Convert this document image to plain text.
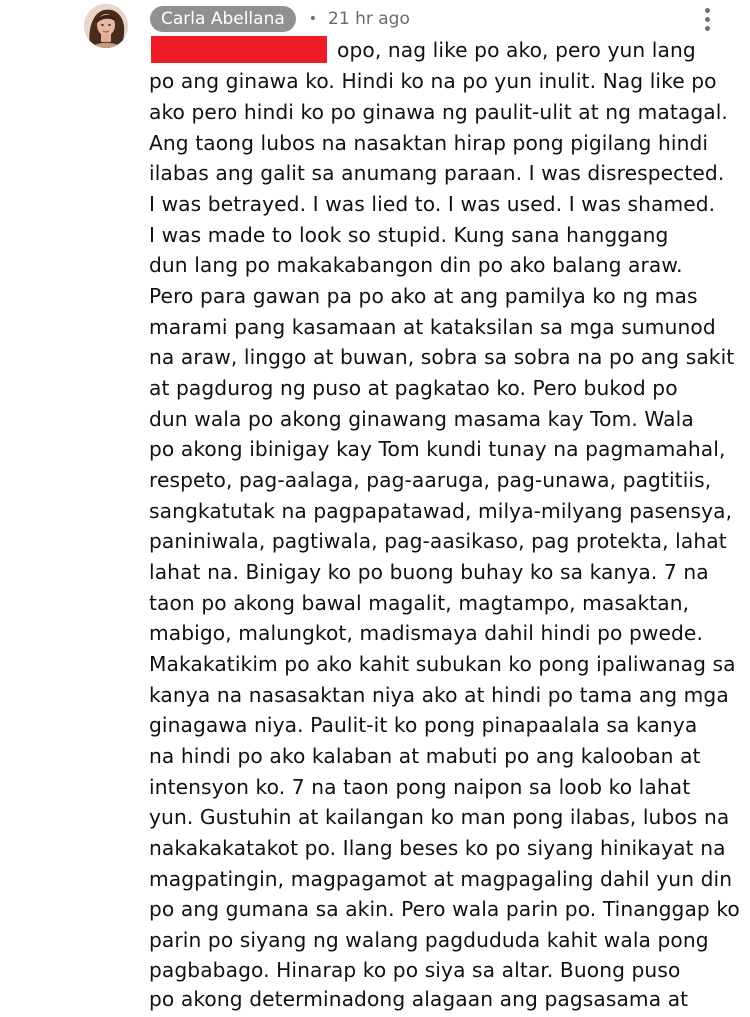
Carla Abellana	• 21 hr ago
opo, nag like po ako, pero yun lang
po ang ginawa ko. Hindi ko na po yun inulit. Nag like po
ako pero hindi ko po ginawa ng paulit-ulit at ng matagal.
Ang taong lubos na nasaktan hirap pong pigilang hindi
ilabas ang galit sa anumang paraan. I was disrespected.
I was betrayed. I was lied to. I was used. I was shamed.
I was made to look so stupid. Kung sana hanggang
dun lang po makakabangon din po ako balang araw.
Pero para gawan pa po ako at ang pamilya ko ng mas
marami pang kasamaan at kataksilan sa mga sumunod
na araw, linggo at buwan, sobra sa sobra na po ang sakit
at pagdurog ng puso at pagkatao ko. Pero bukod po
dun wala po akong ginawang masama kay Tom. Wala
po akong ibinigay kay Tom kundi tunay na pagmamahal,
respeto, pag-aalaga, pag-aaruga, pag-unawa, pagtitiis,
sangkatutak na pagpapatawad, milya-milyang pasensya,
paniniwala, pagtiwala, pag-aasikaso, pag protekta, lahat
lahat na. Binigay ko po buong buhay ko sa kanya. 7 na
taon po akong bawal magalit, magtampo, masaktan,
mabigo, malungkot, madismaya dahil hindi po pwede.
Makakatikim po ako kahit subukan ko pong ipaliwanag sa
kanya na nasasaktan niya ako at hindi po tama ang mga
ginagawa niya. Paulit-it ko pong pinapaalala sa kanya
na hindi po ako kalaban at mabuti po ang kalooban at
intensyon ko. 7 na taon pong naipon sa loob ko lahat
yun. Gustuhin at kailangan ko man pong ilabas, lubos na
nakakakatakot po. Ilang beses ko po siyang hinikayat na
magpatingin, magpagamot at magpagaling dahil yun din
po ang gumana sa akin. Pero wala parin po. Tinanggap ko
parin po siyang ng walang pagdududa kahit wala pong
pagbabago. Hinarap ko po siya sa altar. Buong puso
po akong determinadong alagaan ang pagsasama at
